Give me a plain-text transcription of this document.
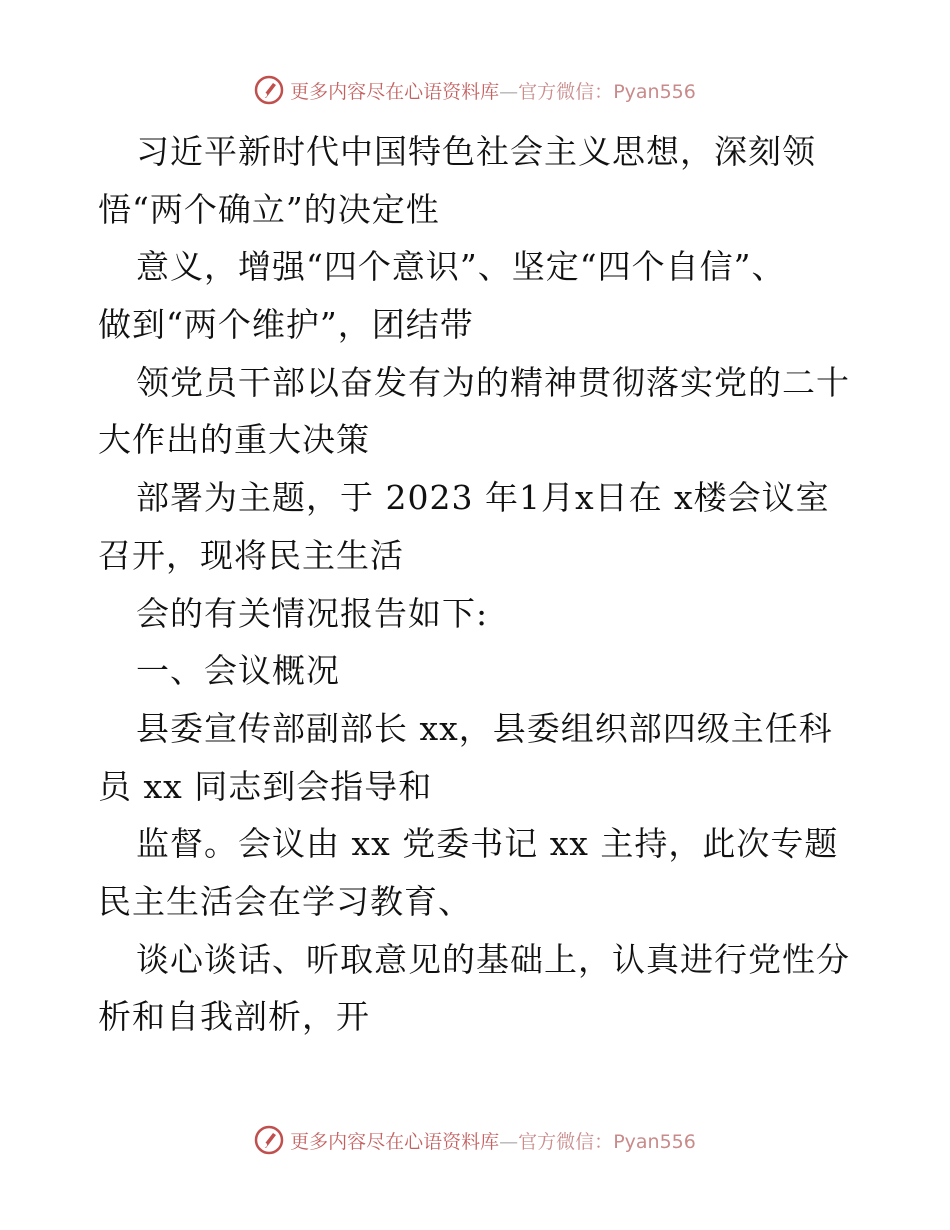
更多内容尽在心语资料库—官方微信：Pyan556
习近平新时代中国特色社会主义思想，深刻领
悟“两个确立”的决定性
意义，增强“四个意识”、坚定“四个自信”、
做到“两个维护”，团结带
领党员干部以奋发有为的精神贯彻落实党的二十
大作出的重大决策
部署为主题，于 2023 年1月x日在 x楼会议室
召开，现将民主生活
会的有关情况报告如下:
一、会议概况
县委宣传部副部长 xx，县委组织部四级主任科
员 xx 同志到会指导和
监督。会议由 xx 党委书记 xx 主持，此次专题
民主生活会在学习教育、
谈心谈话、听取意见的基础上，认真进行党性分
析和自我剖析，开
更多内容尽在心语资料库—官方微信：Pyan556
